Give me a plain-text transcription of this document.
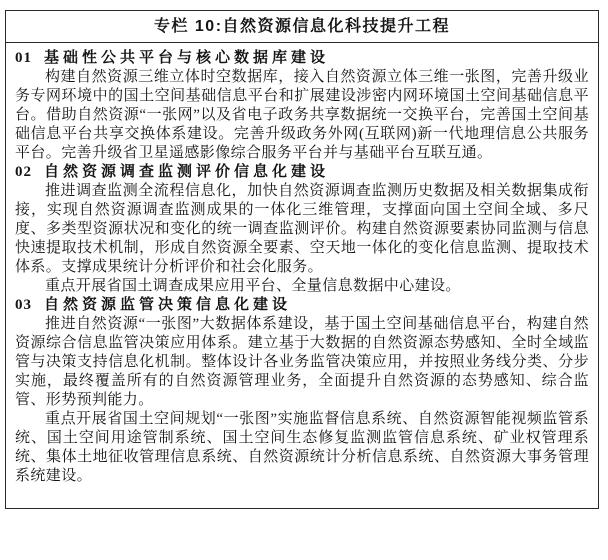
专栏 10:自然资源信息化科技提升工程

01 基础性公共平台与核心数据库建设

构建自然资源三维立体时空数据库，接入自然资源立体三维一张图，完善升级业务专网环境中的国土空间基础信息平台和扩展建设涉密内网环境国土空间基础信息平台。借助自然资源“一张网”以及省电子政务共享数据统一交换平台，完善国土空间基础信息平台共享交换体系建设。完善升级政务外网(互联网)新一代地理信息公共服务平台。完善升级省卫星遥感影像综合服务平台并与基础平台互联互通。

02 自然资源调查监测评价信息化建设

推进调查监测全流程信息化，加快自然资源调查监测历史数据及相关数据集成衔接，实现自然资源调查监测成果的一体化三维管理，支撑面向国土空间全域、多尺度、多类型资源状况和变化的统一调查监测评价。构建自然资源要素协同监测与信息快速提取技术机制，形成自然资源全要素、空天地一体化的变化信息监测、提取技术体系。支撑成果统计分析评价和社会化服务。

重点开展省国土调查成果应用平台、全量信息数据中心建设。

03 自然资源监管决策信息化建设

推进自然资源“一张图”大数据体系建设，基于国土空间基础信息平台，构建自然资源综合信息监管决策应用体系。建立基于大数据的自然资源态势感知、全时全域监管与决策支持信息化机制。整体设计各业务监管决策应用，并按照业务线分类、分步实施，最终覆盖所有的自然资源管理业务，全面提升自然资源的态势感知、综合监管、形势预判能力。

重点开展省国土空间规划“一张图”实施监督信息系统、自然资源智能视频监管系统、国土空间用途管制系统、国土空间生态修复监测监管信息系统、矿业权管理系统、集体土地征收管理信息系统、自然资源统计分析信息系统、自然资源大事务管理系统建设。
